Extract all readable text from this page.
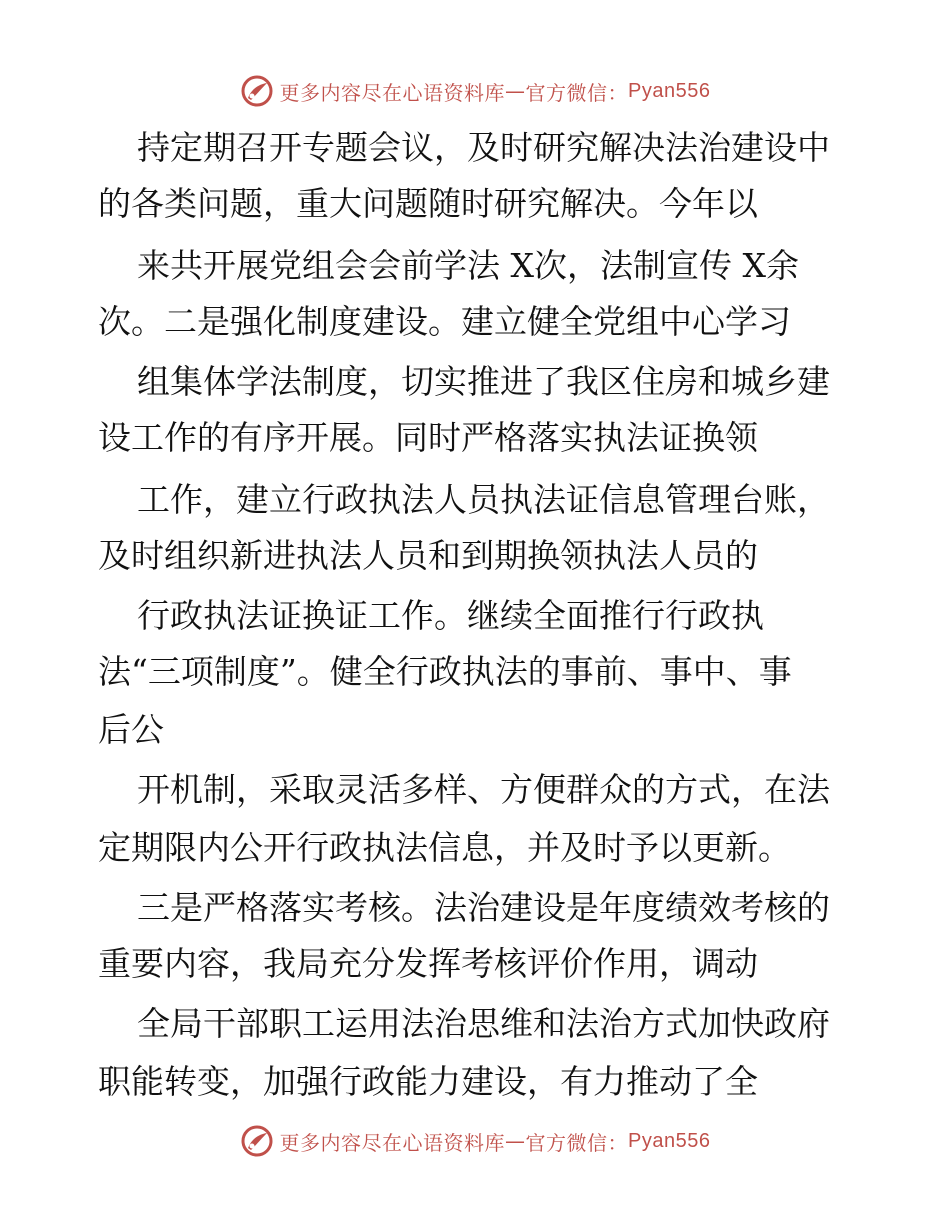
更多内容尽在心语资料库 — 官方微信： Pyan556
持定期召开专题会议，及时研究解决法治建设中
的各类问题，重大问题随时研究解决。今年以
来共开展党组会会前学法 X次，法制宣传 X余
次。二是强化制度建设。建立健全党组中心学习
组集体学法制度，切实推进了我区住房和城乡建
设工作的有序开展。同时严格落实执法证换领
工作，建立行政执法人员执法证信息管理台账，
及时组织新进执法人员和到期换领执法人员的
行政执法证换证工作。继续全面推行行政执
法“三项制度”。健全行政执法的事前、事中、事
后公
开机制，采取灵活多样、方便群众的方式，在法
定期限内公开行政执法信息，并及时予以更新。
三是严格落实考核。法治建设是年度绩效考核的
重要内容，我局充分发挥考核评价作用，调动
全局干部职工运用法治思维和法治方式加快政府
职能转变，加强行政能力建设，有力推动了全
更多内容尽在心语资料库 — 官方微信： Pyan556
